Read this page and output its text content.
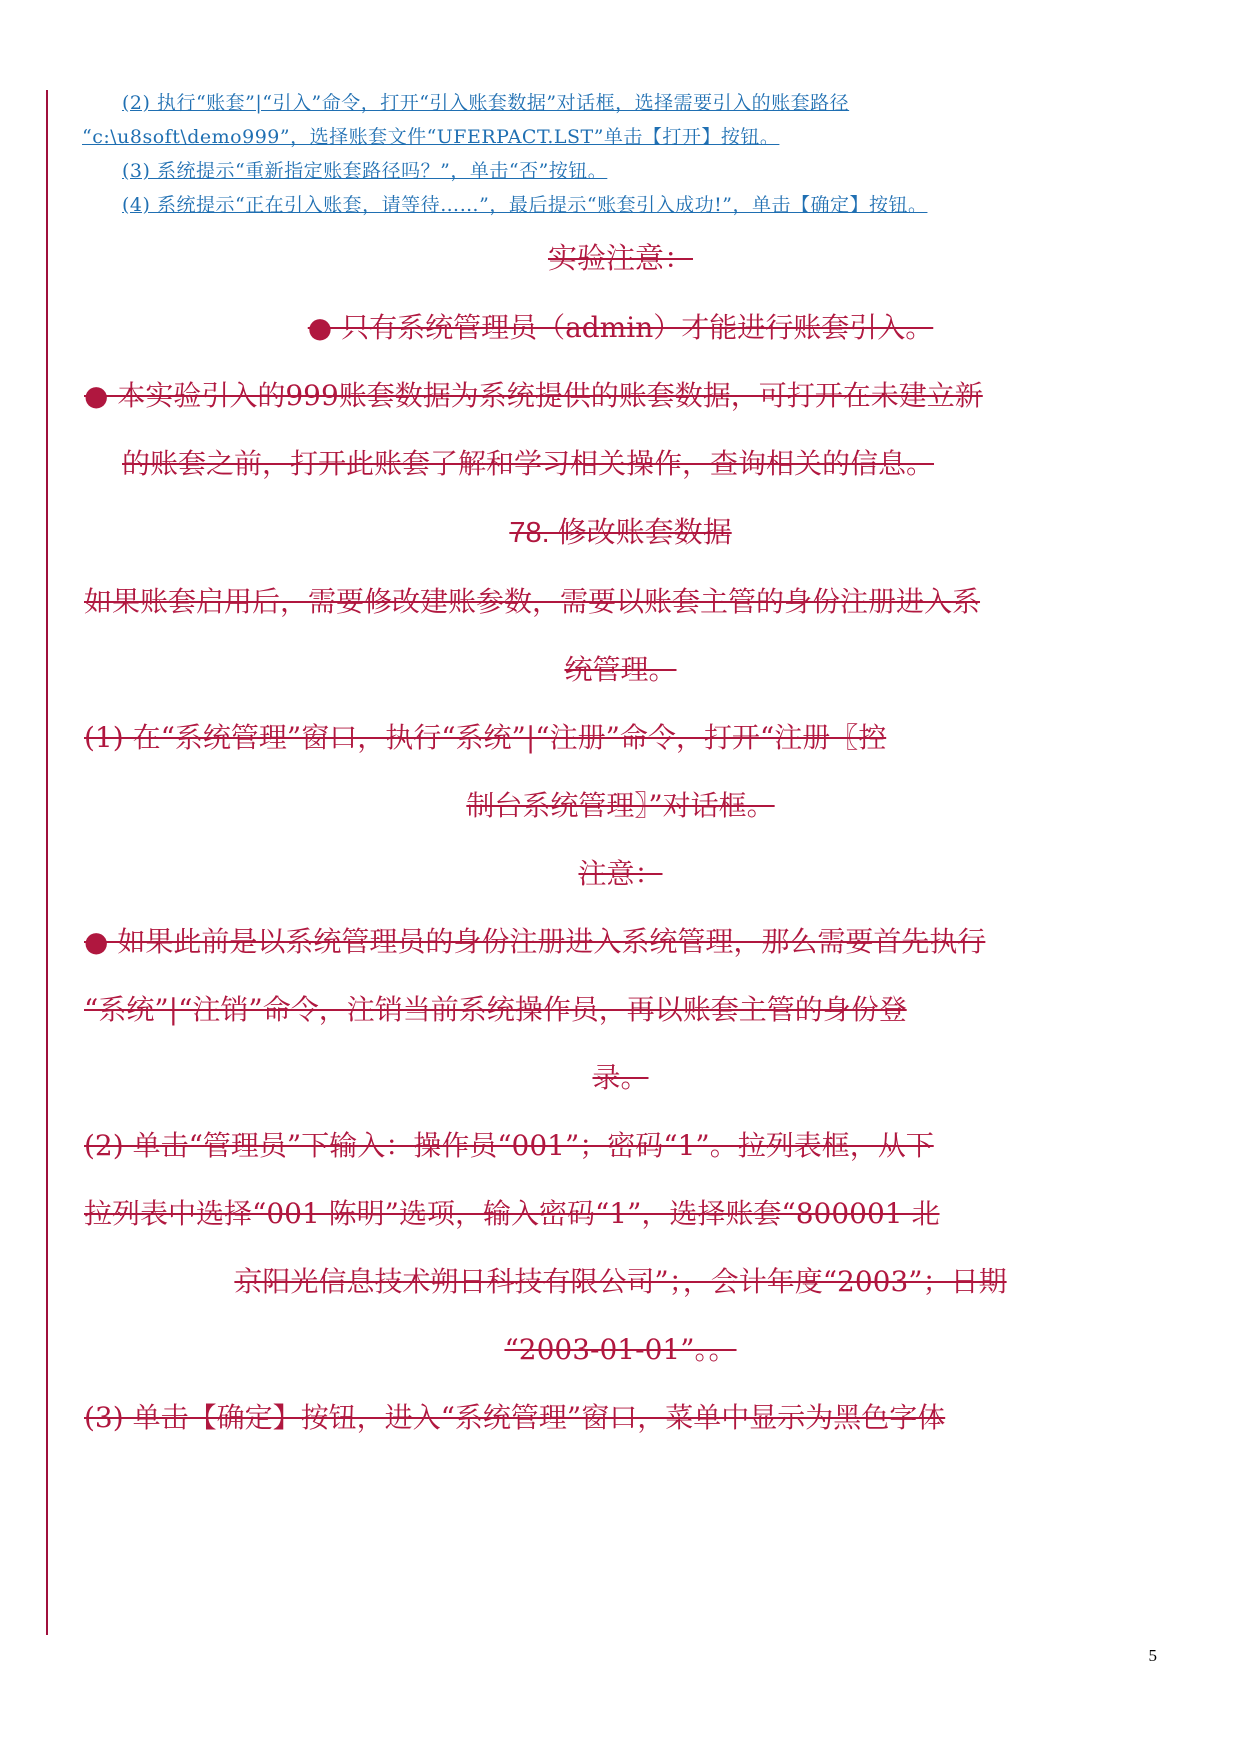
(2) 执行“账套”|“引入”命令，打开“引入账套数据”对话框，选择需要引入的账套路径
“c:\u8soft\demo999”，选择账套文件“UFERPACT.LST”单击【打开】按钮。
(3) 系统提示“重新指定账套路径吗？”，单击“否”按钮。
(4) 系统提示“正在引入账套，请等待……”，最后提示“账套引入成功!”，单击【确定】按钮。
实验注意：
● 只有系统管理员（admin）才能进行账套引入。
● 本实验引入的999账套数据为系统提供的账套数据，可打开在未建立新
的账套之前，打开此账套了解和学习相关操作，查询相关的信息。
78. 修改账套数据
如果账套启用后，需要修改建账参数，需要以账套主管的身份注册进入系
统管理。
(1) 在“系统管理”窗口，执行“系统”|“注册”命令，打开“注册〖控
制台系统管理〗”对话框。
注意：
● 如果此前是以系统管理员的身份注册进入系统管理，那么需要首先执行
“系统”|“注销”命令，注销当前系统操作员，再以账套主管的身份登
录。
(2) 单击“管理员”下输入：操作员“001”；密码“1”。拉列表框，从下
拉列表中选择“001 陈明”选项，输入密码“1”，选择账套“800001 北
京阳光信息技术朔日科技有限公司”；，会计年度“2003”；日期
“2003-01-01”。。
(3) 单击【确定】按钮，进入“系统管理”窗口，菜单中显示为黑色字体
5
